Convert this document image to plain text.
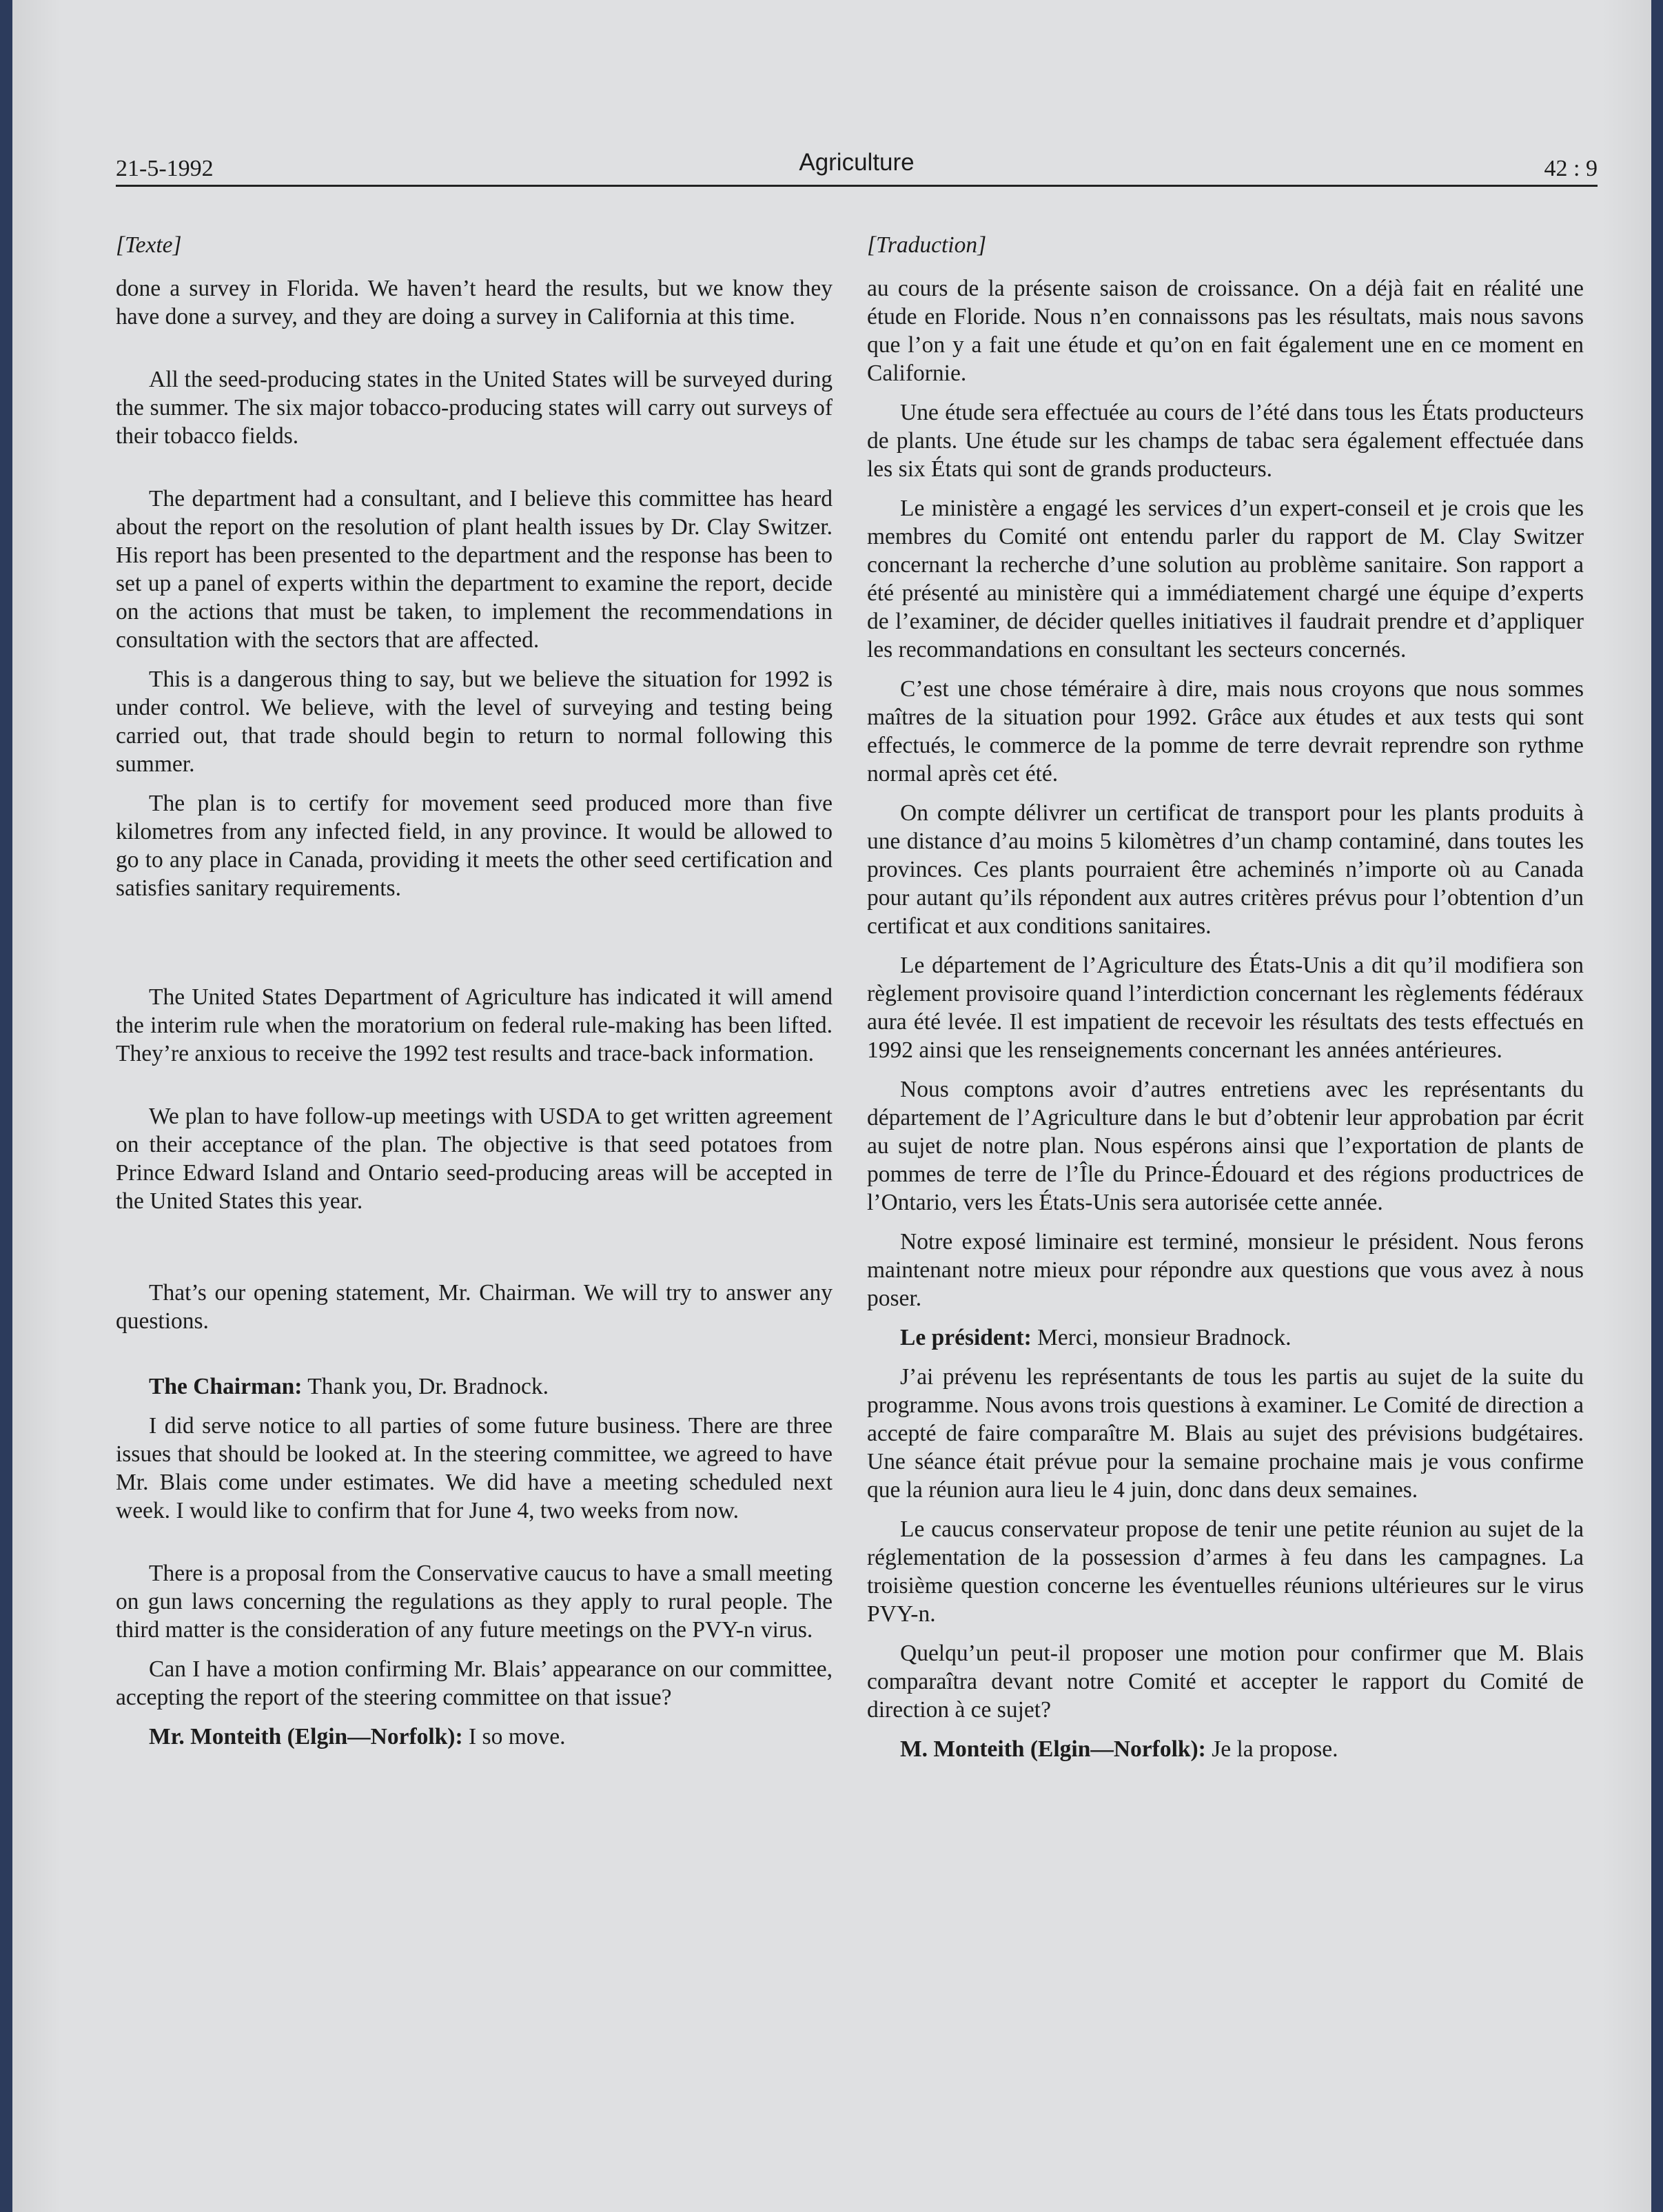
21-5-1992	Agriculture	42 : 9
[Texte]

done a survey in Florida. We haven’t heard the results, but we know they have done a survey, and they are doing a survey in California at this time.

All the seed-producing states in the United States will be surveyed during the summer. The six major tobacco-producing states will carry out surveys of their tobacco fields.

The department had a consultant, and I believe this committee has heard about the report on the resolution of plant health issues by Dr. Clay Switzer. His report has been presented to the department and the response has been to set up a panel of experts within the department to examine the report, decide on the actions that must be taken, to implement the recommendations in consultation with the sectors that are affected.

This is a dangerous thing to say, but we believe the situation for 1992 is under control. We believe, with the level of surveying and testing being carried out, that trade should begin to return to normal following this summer.

The plan is to certify for movement seed produced more than five kilometres from any infected field, in any province. It would be allowed to go to any place in Canada, providing it meets the other seed certification and satisfies sanitary requirements.

The United States Department of Agriculture has indicated it will amend the interim rule when the moratorium on federal rule-making has been lifted. They’re anxious to receive the 1992 test results and trace-back information.

We plan to have follow-up meetings with USDA to get written agreement on their acceptance of the plan. The objective is that seed potatoes from Prince Edward Island and Ontario seed-producing areas will be accepted in the United States this year.

That’s our opening statement, Mr. Chairman. We will try to answer any questions.

The Chairman: Thank you, Dr. Bradnock.

I did serve notice to all parties of some future business. There are three issues that should be looked at. In the steering committee, we agreed to have Mr. Blais come under estimates. We did have a meeting scheduled next week. I would like to confirm that for June 4, two weeks from now.

There is a proposal from the Conservative caucus to have a small meeting on gun laws concerning the regulations as they apply to rural people. The third matter is the consideration of any future meetings on the PVY-n virus.

Can I have a motion confirming Mr. Blais’ appearance on our committee, accepting the report of the steering committee on that issue?

Mr. Monteith (Elgin—Norfolk): I so move.

[Traduction]

au cours de la présente saison de croissance. On a déjà fait en réalité une étude en Floride. Nous n’en connaissons pas les résultats, mais nous savons que l’on y a fait une étude et qu’on en fait également une en ce moment en Californie.

Une étude sera effectuée au cours de l’été dans tous les États producteurs de plants. Une étude sur les champs de tabac sera également effectuée dans les six États qui sont de grands producteurs.

Le ministère a engagé les services d’un expert-conseil et je crois que les membres du Comité ont entendu parler du rapport de M. Clay Switzer concernant la recherche d’une solution au problème sanitaire. Son rapport a été présenté au ministère qui a immédiatement chargé une équipe d’experts de l’examiner, de décider quelles initiatives il faudrait prendre et d’appliquer les recommandations en consultant les secteurs concernés.

C’est une chose téméraire à dire, mais nous croyons que nous sommes maîtres de la situation pour 1992. Grâce aux études et aux tests qui sont effectués, le commerce de la pomme de terre devrait reprendre son rythme normal après cet été.

On compte délivrer un certificat de transport pour les plants produits à une distance d’au moins 5 kilomètres d’un champ contaminé, dans toutes les provinces. Ces plants pourraient être acheminés n’importe où au Canada pour autant qu’ils répondent aux autres critères prévus pour l’obtention d’un certificat et aux conditions sanitaires.

Le département de l’Agriculture des États-Unis a dit qu’il modifiera son règlement provisoire quand l’interdiction concernant les règlements fédéraux aura été levée. Il est impatient de recevoir les résultats des tests effectués en 1992 ainsi que les renseignements concernant les années antérieures.

Nous comptons avoir d’autres entretiens avec les représentants du département de l’Agriculture dans le but d’obtenir leur approbation par écrit au sujet de notre plan. Nous espérons ainsi que l’exportation de plants de pommes de terre de l’Île du Prince-Édouard et des régions productrices de l’Ontario, vers les États-Unis sera autorisée cette année.

Notre exposé liminaire est terminé, monsieur le président. Nous ferons maintenant notre mieux pour répondre aux questions que vous avez à nous poser.

Le président: Merci, monsieur Bradnock.

J’ai prévenu les représentants de tous les partis au sujet de la suite du programme. Nous avons trois questions à examiner. Le Comité de direction a accepté de faire comparaître M. Blais au sujet des prévisions budgétaires. Une séance était prévue pour la semaine prochaine mais je vous confirme que la réunion aura lieu le 4 juin, donc dans deux semaines.

Le caucus conservateur propose de tenir une petite réunion au sujet de la réglementation de la possession d’armes à feu dans les campagnes. La troisième question concerne les éventuelles réunions ultérieures sur le virus PVY-n.

Quelqu’un peut-il proposer une motion pour confirmer que M. Blais comparaîtra devant notre Comité et accepter le rapport du Comité de direction à ce sujet?

M. Monteith (Elgin—Norfolk): Je la propose.
